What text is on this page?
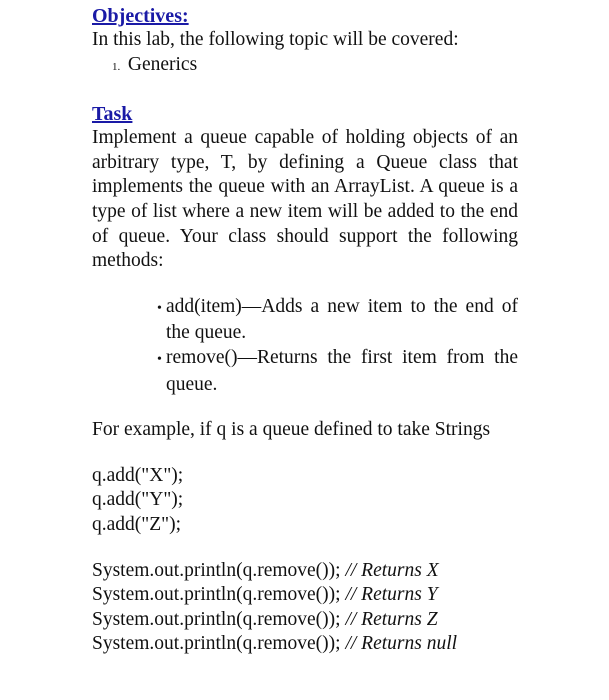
Objectives:
In this lab, the following topic will be covered:
1. Generics
Task

Implement a queue capable of holding objects of an arbitrary type, T, by defining a Queue class that implements the queue with an ArrayList. A queue is a type of list where a new item will be added to the end of queue. Your class should support the following methods:

• add(item)—Adds a new item to the end of the queue.
• remove()—Returns the first item from the queue.
For example, if q is a queue defined to take Strings
q.add("X");
q.add("Y");
q.add("Z");
System.out.println(q.remove()); // Returns X
System.out.println(q.remove()); // Returns Y
System.out.println(q.remove()); // Returns Z
System.out.println(q.remove()); // Returns null
